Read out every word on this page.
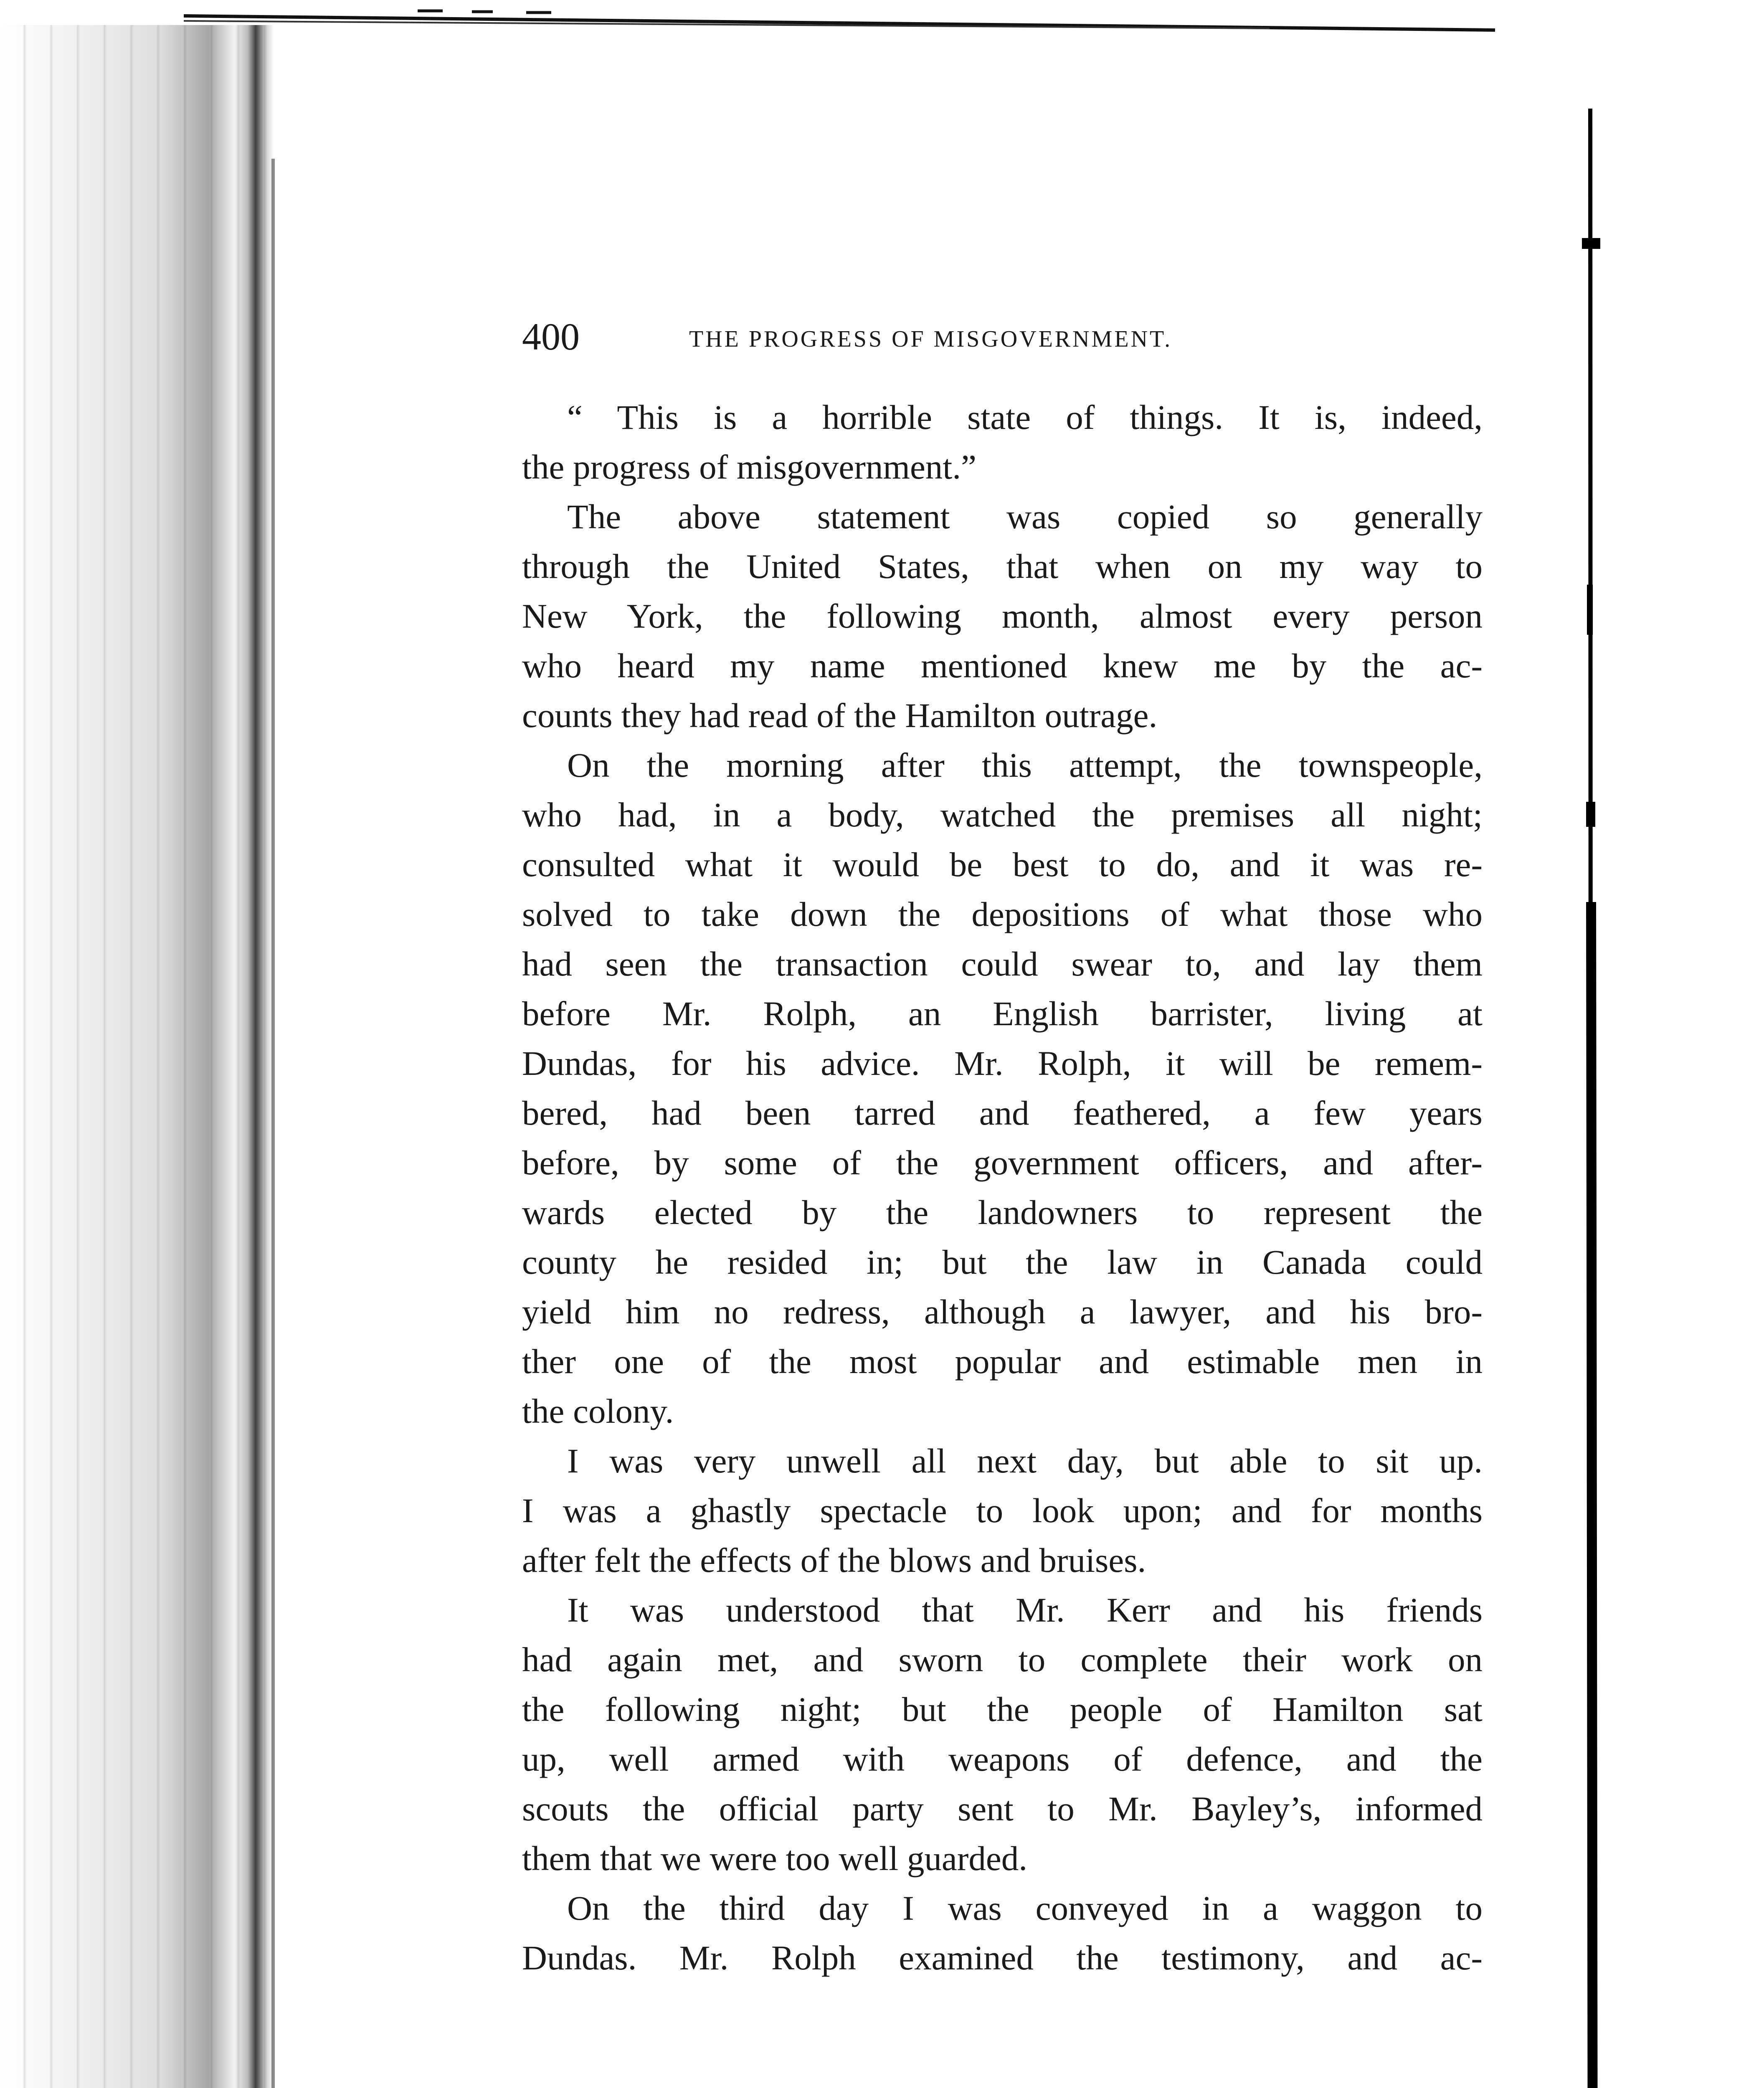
400	THE PROGRESS OF MISGOVERNMENT.
“ This is a horrible state of things. It is, indeed,
the progress of misgovernment.”
The above statement was copied so generally
through the United States, that when on my way to
New York, the following month, almost every person
who heard my name mentioned knew me by the ac-
counts they had read of the Hamilton outrage.
On the morning after this attempt, the townspeople,
who had, in a body, watched the premises all night;
consulted what it would be best to do, and it was re-
solved to take down the depositions of what those who
had seen the transaction could swear to, and lay them
before Mr. Rolph, an English barrister, living at
Dundas, for his advice. Mr. Rolph, it will be remem-
bered, had been tarred and feathered, a few years
before, by some of the government officers, and after-
wards elected by the landowners to represent the
county he resided in; but the law in Canada could
yield him no redress, although a lawyer, and his bro-
ther one of the most popular and estimable men in
the colony.
I was very unwell all next day, but able to sit up.
I was a ghastly spectacle to look upon; and for months
after felt the effects of the blows and bruises.
It was understood that Mr. Kerr and his friends
had again met, and sworn to complete their work on
the following night; but the people of Hamilton sat
up, well armed with weapons of defence, and the
scouts the official party sent to Mr. Bayley’s, informed
them that we were too well guarded.
On the third day I was conveyed in a waggon to
Dundas. Mr. Rolph examined the testimony, and ac-
